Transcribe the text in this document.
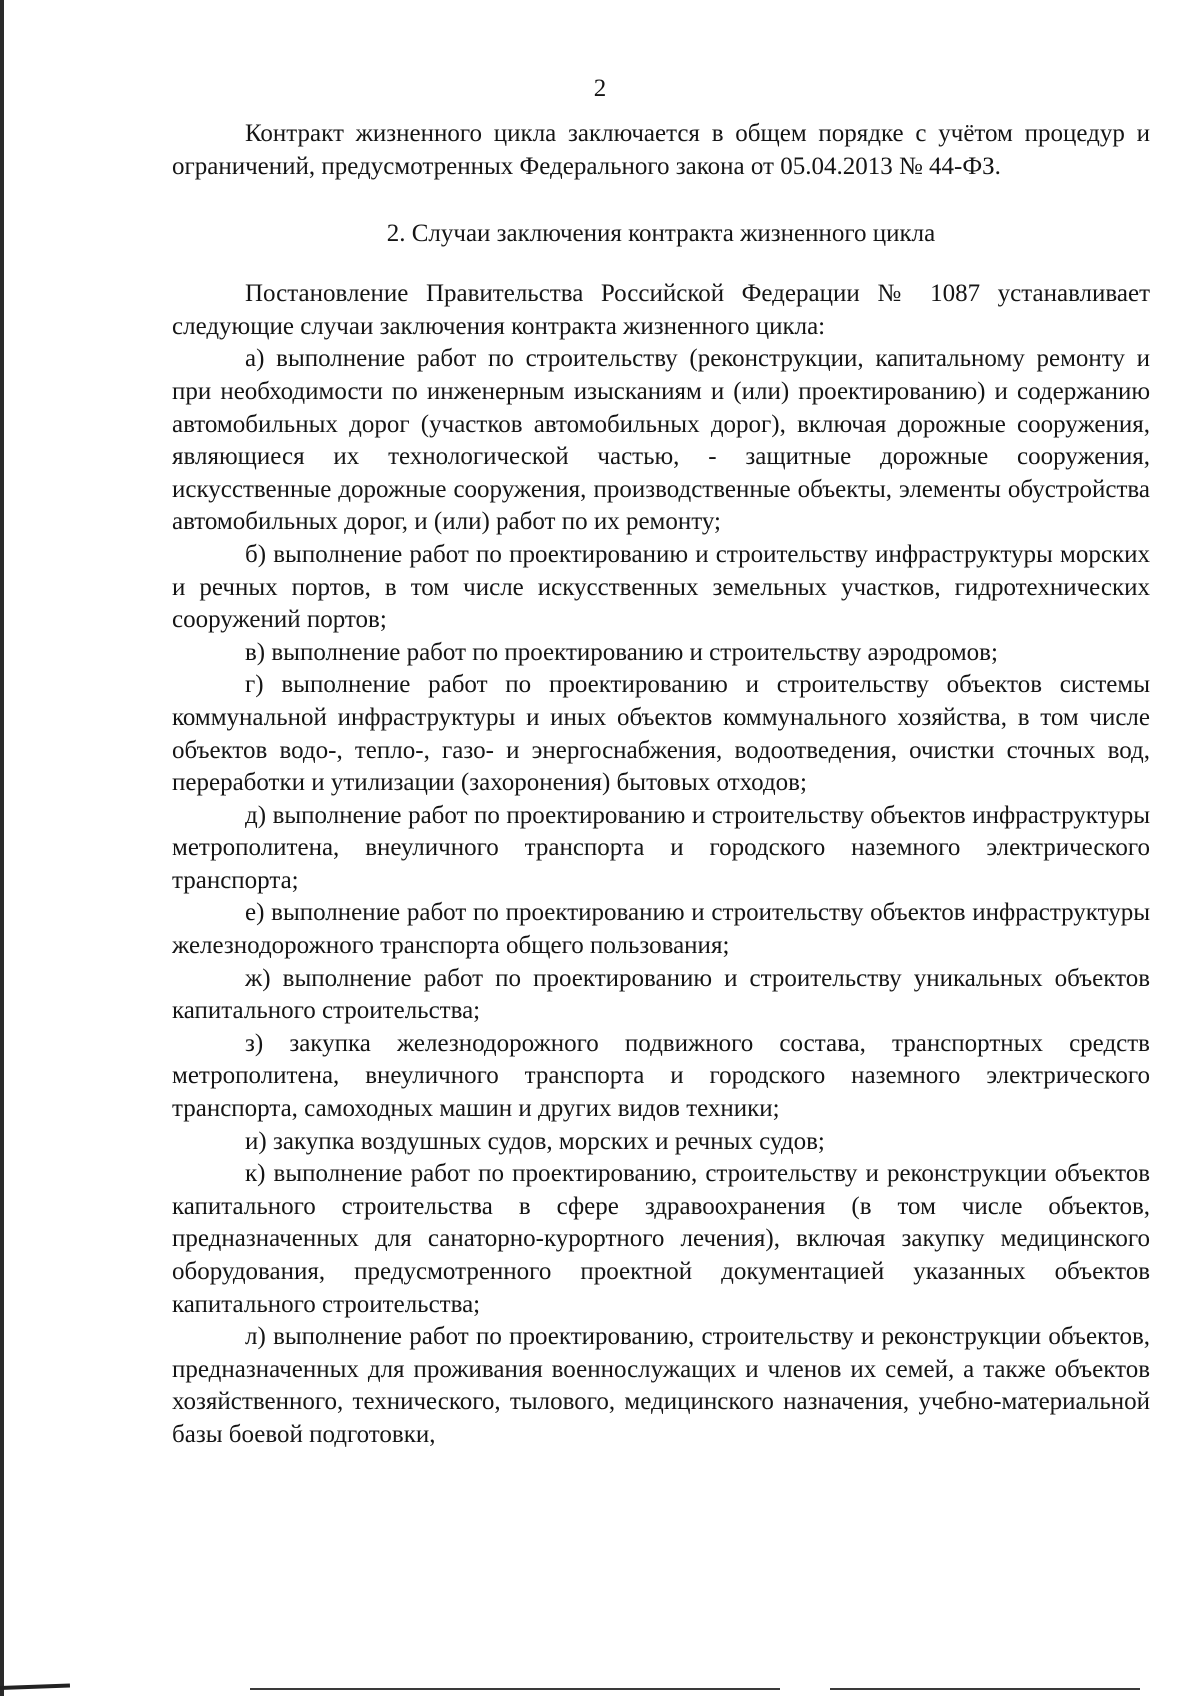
2

Контракт жизненного цикла заключается в общем порядке с учётом процедур и ограничений, предусмотренных Федерального закона от 05.04.2013 № 44-ФЗ.

2. Случаи заключения контракта жизненного цикла

Постановление Правительства Российской Федерации № 1087 устанавливает следующие случаи заключения контракта жизненного цикла:

а) выполнение работ по строительству (реконструкции, капитальному ремонту и при необходимости по инженерным изысканиям и (или) проектированию) и содержанию автомобильных дорог (участков автомобильных дорог), включая дорожные сооружения, являющиеся их технологической частью, - защитные дорожные сооружения, искусственные дорожные сооружения, производственные объекты, элементы обустройства автомобильных дорог, и (или) работ по их ремонту;

б) выполнение работ по проектированию и строительству инфраструктуры морских и речных портов, в том числе искусственных земельных участков, гидротехнических сооружений портов;

в) выполнение работ по проектированию и строительству аэродромов;

г) выполнение работ по проектированию и строительству объектов системы коммунальной инфраструктуры и иных объектов коммунального хозяйства, в том числе объектов водо-, тепло-, газо- и энергоснабжения, водоотведения, очистки сточных вод, переработки и утилизации (захоронения) бытовых отходов;

д) выполнение работ по проектированию и строительству объектов инфраструктуры метрополитена, внеуличного транспорта и городского наземного электрического транспорта;

е) выполнение работ по проектированию и строительству объектов инфраструктуры железнодорожного транспорта общего пользования;

ж) выполнение работ по проектированию и строительству уникальных объектов капитального строительства;

з) закупка железнодорожного подвижного состава, транспортных средств метрополитена, внеуличного транспорта и городского наземного электрического транспорта, самоходных машин и других видов техники;

и) закупка воздушных судов, морских и речных судов;

к) выполнение работ по проектированию, строительству и реконструкции объектов капитального строительства в сфере здравоохранения (в том числе объектов, предназначенных для санаторно-курортного лечения), включая закупку медицинского оборудования, предусмотренного проектной документацией указанных объектов капитального строительства;

л) выполнение работ по проектированию, строительству и реконструкции объектов, предназначенных для проживания военнослужащих и членов их семей, а также объектов хозяйственного, технического, тылового, медицинского назначения, учебно-материальной базы боевой подготовки,
